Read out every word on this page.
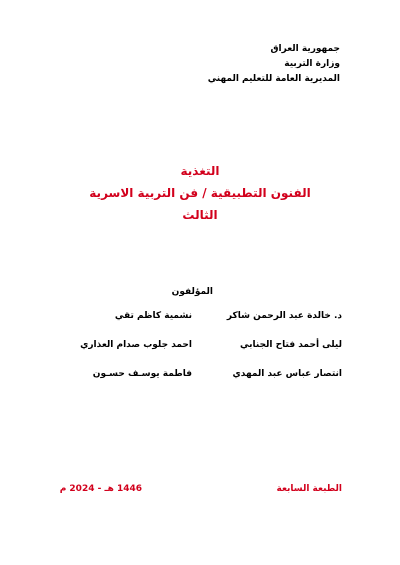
جمهورية العراق
وزارة التربية
المديرية العامة للتعليم المهني
التغذية
الفنون التطبيقية / فن التربية الاسرية
الثالث
المؤلفون
د. خالدة عبد الرحمن شاكر
نشمية كاظم تقي
ليلى أحمد فتاح الجنابي
احمد جلوب صدام العذاري
انتصار عباس عبد المهدي
فاطمة يوسـف حسـون
الطبعة السابعة
1446 هـ - 2024 م
